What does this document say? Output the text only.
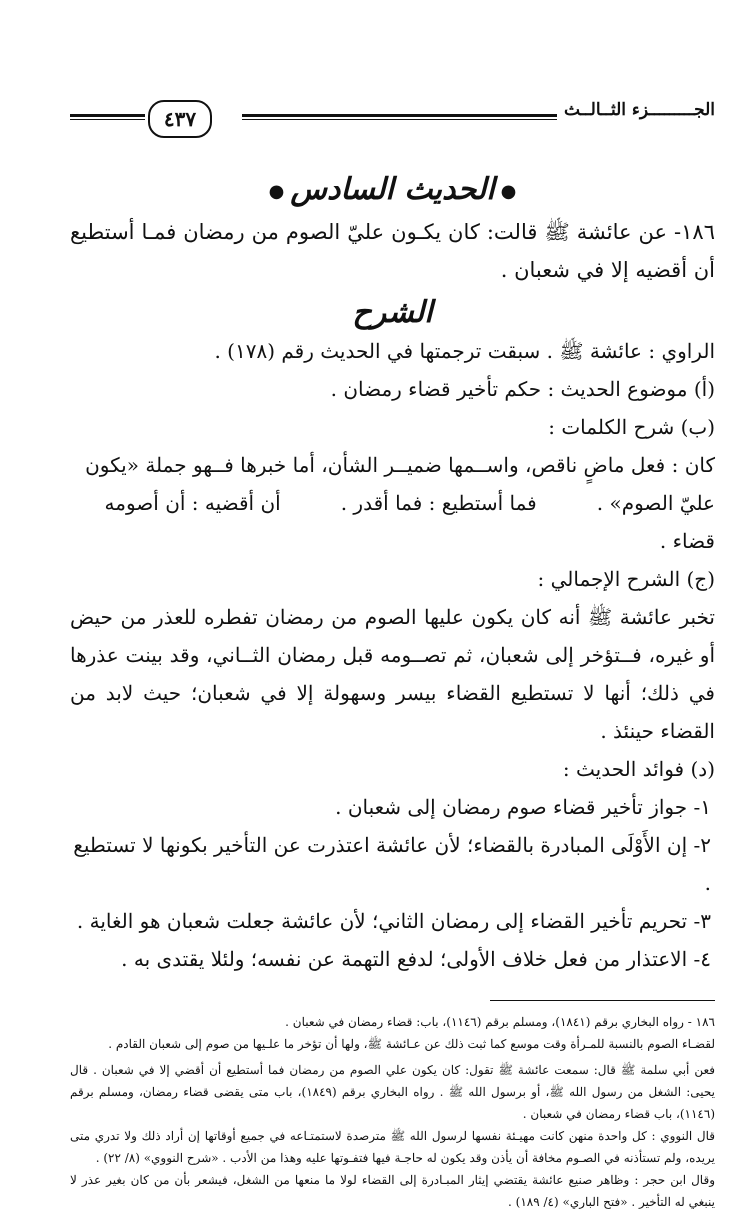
الجـــــــــزء الثــالــث
٤٣٧
●الحديث السادس●

١٨٦- عن عائشة ﷺ قالت: كان يكـون عليّ الصوم من رمضان فمـا أستطيع أن أقضيه إلا في شعبان .

الشرح

الراوي : عائشة ﷺ . سبقت ترجمتها في الحديث رقم (١٧٨) .

(أ) موضوع الحديث : حكم تأخير قضاء رمضان .

(ب) شرح الكلمات :

كان : فعل ماضٍ ناقص، واســمها ضميــر الشأن، أما خبرها فــهو جملة «يكون

عليّ الصوم» .فما أستطيع : فما أقدر .أن أقضيه : أن أصومه قضاء .

(ج) الشرح الإجمالي :

تخبر عائشة ﷺ أنه كان يكون عليها الصوم من رمضان تفطره للعذر من حيض أو غيره، فــتؤخر إلى شعبان، ثم تصــومه قبل رمضان الثــاني، وقد بينت عذرها في ذلك؛ أنها لا تستطيع القضاء بيسر وسهولة إلا في شعبان؛ حيث لابد من القضاء حينئذ .

(د) فوائد الحديث :

١- جواز تأخير قضاء صوم رمضان إلى شعبان .

٢- إن الأَوْلَى المبادرة بالقضاء؛ لأن عائشة اعتذرت عن التأخير بكونها لا تستطيع .

٣- تحريم تأخير القضاء إلى رمضان الثاني؛ لأن عائشة جعلت شعبان هو الغاية .

٤- الاعتذار من فعل خلاف الأولى؛ لدفع التهمة عن نفسه؛ ولئلا يقتدى به .

١٨٦ - رواه البخاري برقم (١٨٤١)، ومسلم برقم (١١٤٦)، باب: قضاء رمضان في شعبان .

لقضـاء الصوم بالنسبة للمـرأة وقت موسع كما ثبت ذلك عن عـائشة ﷺ، ولها أن تؤخر ما علـيها من صوم إلى شعبان القادم .

فعن أبي سلمة ﷺ قال: سمعت عائشة ﷺ تقول: كان يكون علي الصوم من رمضان فما أستطيع أن أقضي إلا في شعبان . قال يحيى: الشغل من رسول الله ﷺ، أو برسول الله ﷺ . رواه البخاري برقم (١٨٤٩)، باب متى يقضى قضاء رمضان، ومسلم برقم (١١٤٦)، باب قضاء رمضان في شعبان .

قال النووي : كل واحدة منهن كانت مهيـئة نفسها لرسول الله ﷺ مترصدة لاستمتـاعه في جميع أوقاتها إن أراد ذلك ولا تدري متى يريده، ولم تستأذنه في الصـوم مخافة أن يأذن وقد يكون له حاجـة فيها فتفـوتها عليه وهذا من الأدب . «شرح النووي» (٨/ ٢٢) .

وقال ابن حجر : وظاهر صنيع عائشة يقتضي إيثار المبـادرة إلى القضاء لولا ما منعها من الشغل، فيشعر بأن من كان بغير عذر لا ينبغي له التأخير . «فتح الباري» (٤/ ١٨٩) .
